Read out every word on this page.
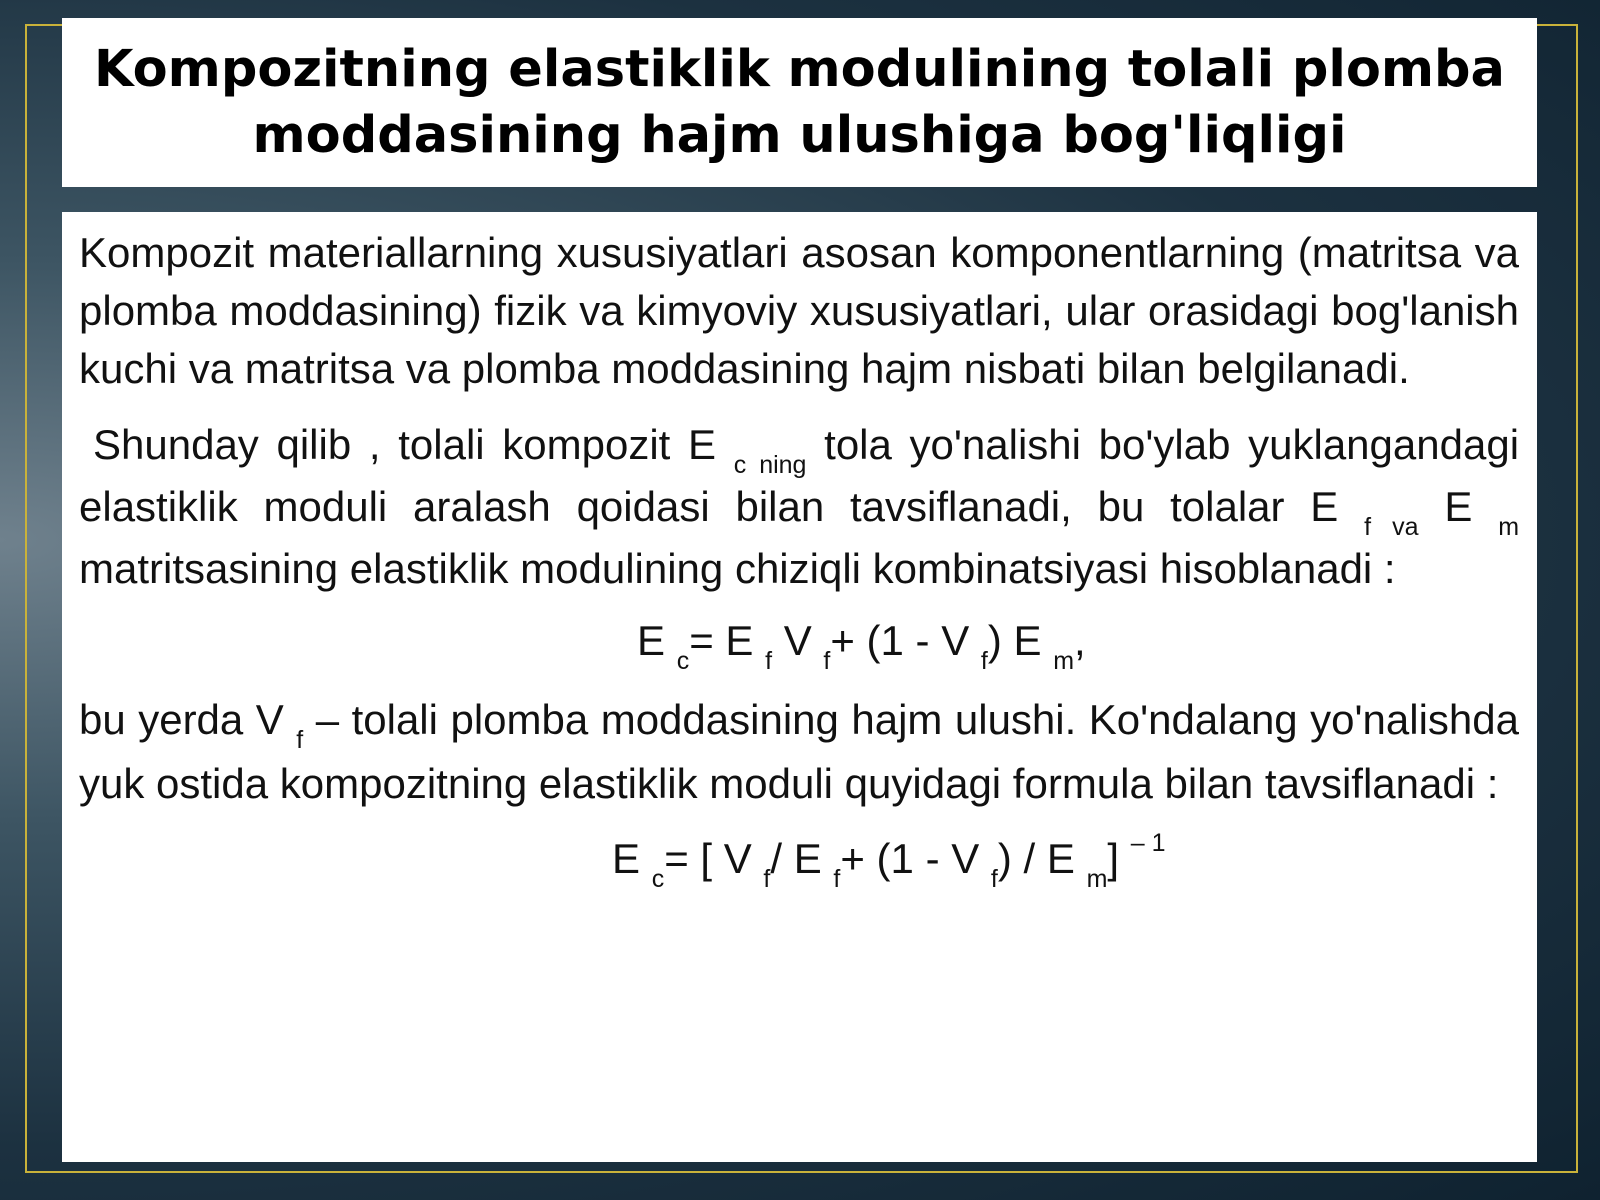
Kompozitning elastiklik modulining tolali plomba
moddasining hajm ulushiga bog'liqligi

Kompozit materiallarning xususiyatlari asosan komponentlarning (matritsa va plomba moddasining) fizik va kimyoviy xususiyatlari, ular orasidagi bog'lanish kuchi va matritsa va plomba moddasining hajm nisbati bilan belgilanadi.

Shunday qilib , tolali kompozit E $_{c ning}$ tola yo'nalishi bo'ylab yuklangandagi elastiklik moduli aralash qoidasi bilan tavsiflanadi, bu tolalar E $_{f va}$ E $_m$ matritsasining elastiklik modulining chiziqli kombinatsiyasi hisoblanadi :

E $_c$= E $_f$ V $_f$+ (1 - V $_f$) E $_m$,

bu yerda V $_f$ – tolali plomba moddasining hajm ulushi. Ko'ndalang yo'nalishda yuk ostida kompozitning elastiklik moduli quyidagi formula bilan tavsiflanadi :

E $_c$= [ V $_f$/ E $_f$+ (1 - V $_f$) / E $_m$] $^{- 1}$
